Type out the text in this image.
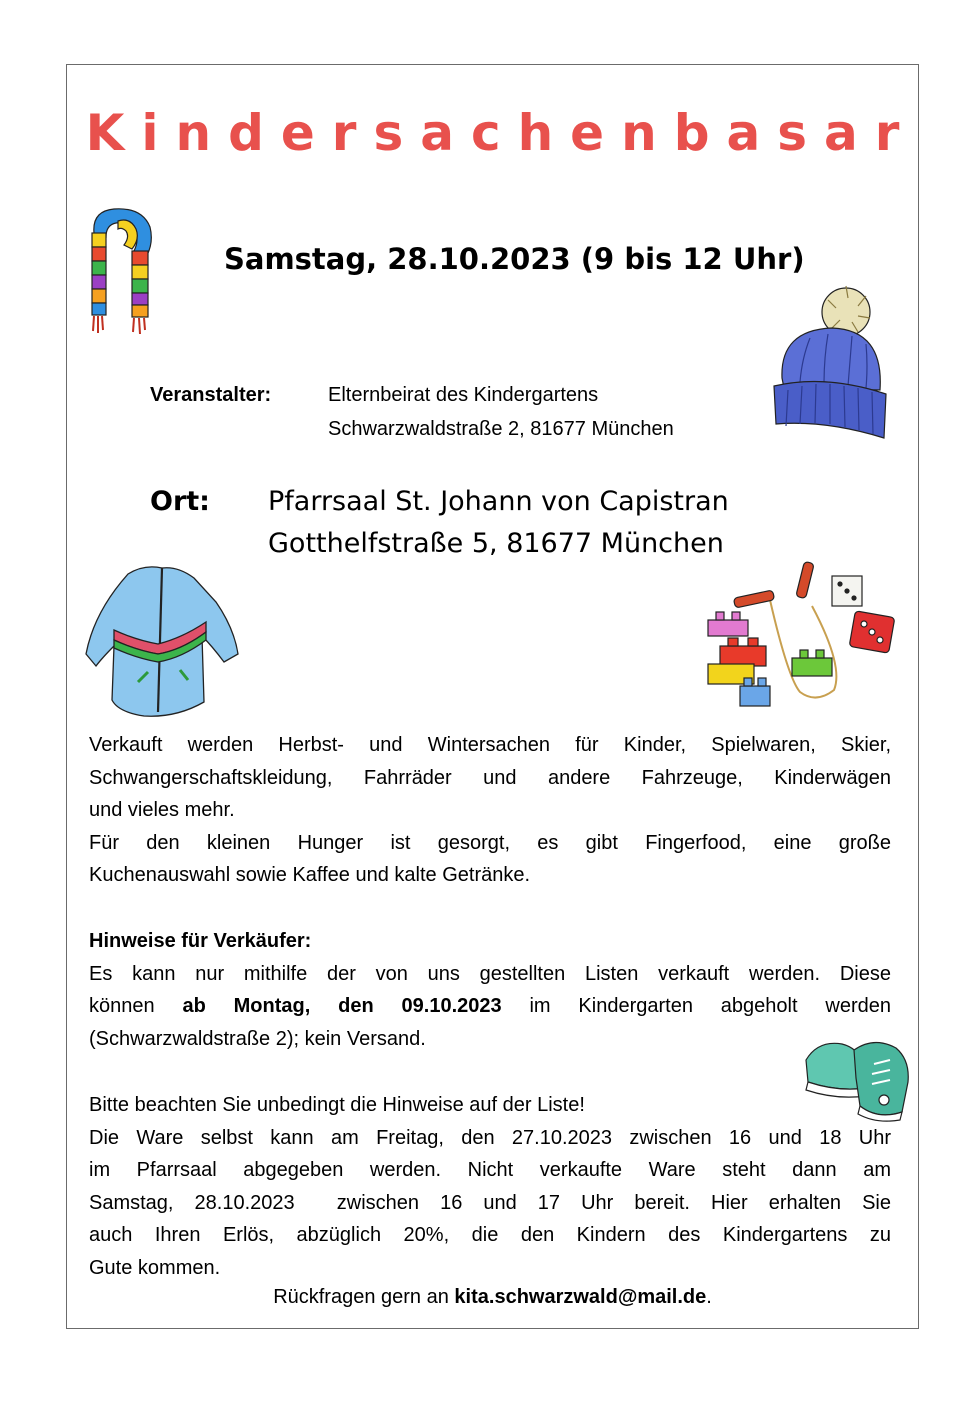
Kindersachenbasar
Samstag, 28.10.2023 (9 bis 12 Uhr)
Veranstalter:	Elternbeirat des Kindergartens
Schwarzwaldstraße 2, 81677 München
Ort: Pfarrsaal St. Johann von Capistran
Gotthelfstraße 5, 81677 München
Verkauft werden Herbst- und Wintersachen für Kinder, Spielwaren, Skier,
Schwangerschaftskleidung, Fahrräder und andere Fahrzeuge, Kinderwägen
und vieles mehr.
Für den kleinen Hunger ist gesorgt, es gibt Fingerfood, eine große
Kuchenauswahl sowie Kaffee und kalte Getränke.
Hinweise für Verkäufer:
Es kann nur mithilfe der von uns gestellten Listen verkauft werden. Diese
können ab Montag, den 09.10.2023 im Kindergarten abgeholt werden
(Schwarzwaldstraße 2); kein Versand.
Bitte beachten Sie unbedingt die Hinweise auf der Liste!
Die Ware selbst kann am Freitag, den 27.10.2023 zwischen 16 und 18 Uhr
im Pfarrsaal abgegeben werden. Nicht verkaufte Ware steht dann am
Samstag, 28.10.2023  zwischen 16 und 17 Uhr bereit. Hier erhalten Sie
auch Ihren Erlös, abzüglich 20%, die den Kindern des Kindergartens zu
Gute kommen.
Rückfragen gern an kita.schwarzwald@mail.de.
